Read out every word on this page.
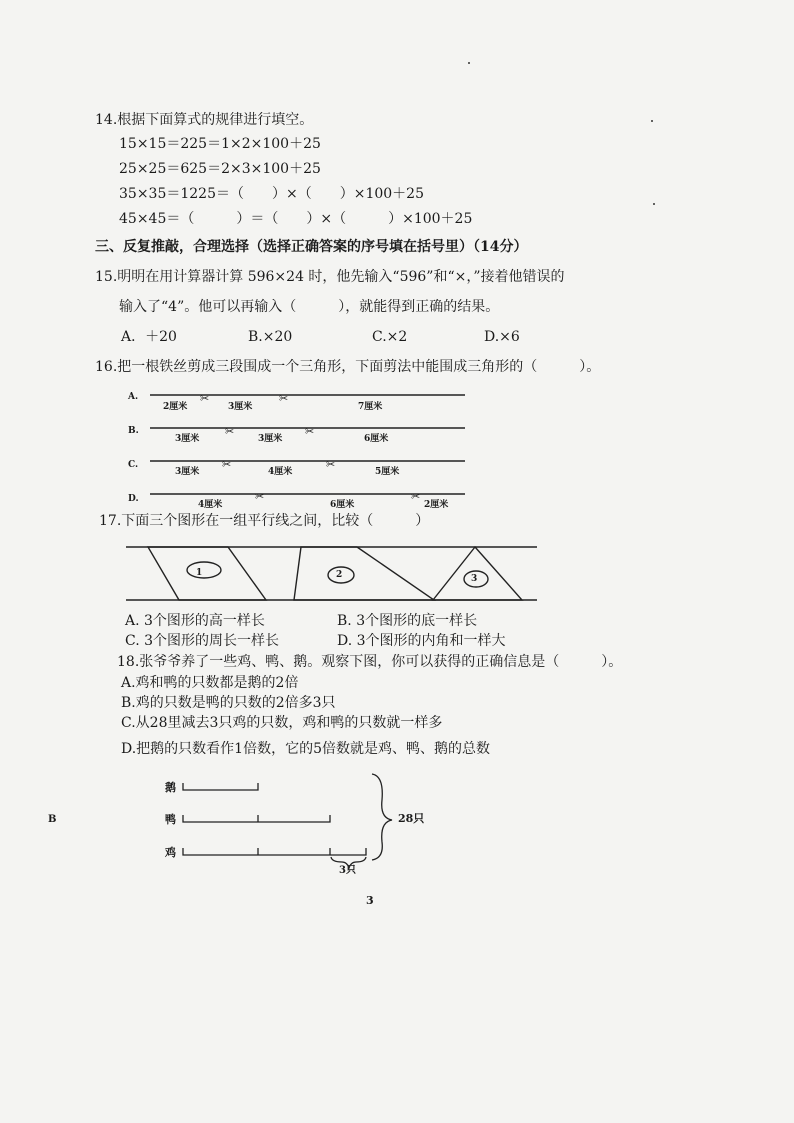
14.根据下面算式的规律进行填空。
15×15＝225＝1×2×100＋25
25×25＝625＝2×3×100＋25
35×35＝1225＝（　　）×（　　）×100＋25
45×45＝（　　　）＝（　　）×（　　　）×100＋25
三、反复推敲，合理选择（选择正确答案的序号填在括号里）（14分）
15.明明在用计算器计算 596×24 时，他先输入“596”和“×，”接着他错误的
输入了“4”。他可以再输入（　　　），就能得到正确的结果。
A．＋20	B.×20	C.×2	D.×6
16.把一根铁丝剪成三段围成一个三角形，下面剪法中能围成三角形的（　　　）。
A.
2厘米	3厘米	7厘米
B.
3厘米	3厘米	6厘米
C.
3厘米	4厘米	5厘米
D.
4厘米	6厘米	2厘米
17.下面三个图形在一组平行线之间，比较（　　　）
1	2	3
A. 3个图形的高一样长	B. 3个图形的底一样长
C. 3个图形的周长一样长	D. 3个图形的内角和一样大
18.张爷爷养了一些鸡、鸭、鹅。观察下图，你可以获得的正确信息是（　　　）。
A.鸡和鸭的只数都是鹅的2倍
B.鸡的只数是鸭的只数的2倍多3只
C.从28里减去3只鸡的只数，鸡和鸭的只数就一样多
D.把鹅的只数看作1倍数，它的5倍数就是鸡、鸭、鹅的总数
鹅
鸭
鸡
28只
3只
B
3
✂	✂
✂	✂
✂	✂
✂	✂
